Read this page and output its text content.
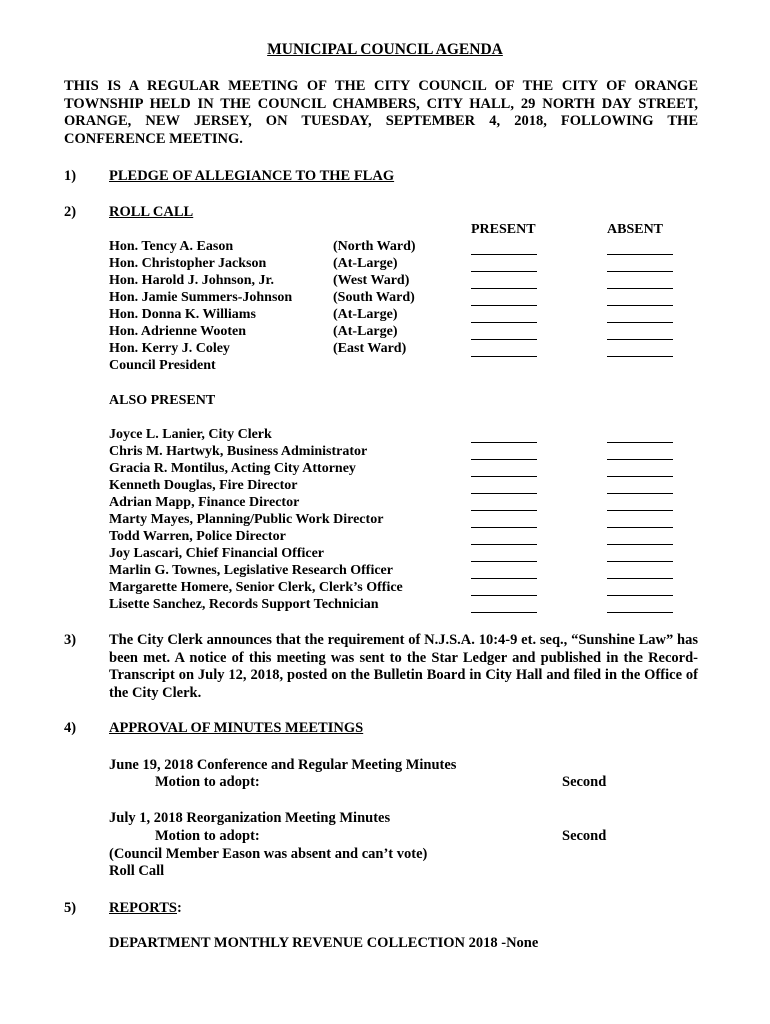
MUNICIPAL COUNCIL AGENDA
THIS IS A REGULAR MEETING OF THE CITY COUNCIL OF THE CITY OF ORANGE TOWNSHIP HELD IN THE COUNCIL CHAMBERS, CITY HALL, 29 NORTH DAY STREET, ORANGE, NEW JERSEY, ON TUESDAY, SEPTEMBER 4, 2018, FOLLOWING THE CONFERENCE MEETING.
1) PLEDGE OF ALLEGIANCE TO THE FLAG
2) ROLL CALL
PRESENT	ABSENT
Hon. Tency A. Eason	(North Ward)
Hon. Christopher Jackson	(At-Large)
Hon. Harold J. Johnson, Jr.	(West Ward)
Hon. Jamie Summers-Johnson	(South Ward)
Hon. Donna K. Williams	(At-Large)
Hon. Adrienne Wooten	(At-Large)
Hon. Kerry J. Coley	(East Ward)
Council President
ALSO PRESENT
Joyce L. Lanier, City Clerk
Chris M. Hartwyk, Business Administrator
Gracia R. Montilus, Acting City Attorney
Kenneth Douglas, Fire Director
Adrian Mapp, Finance Director
Marty Mayes, Planning/Public Work Director
Todd Warren, Police Director
Joy Lascari, Chief Financial Officer
Marlin G. Townes, Legislative Research Officer
Margarette Homere, Senior Clerk, Clerk’s Office
Lisette Sanchez, Records Support Technician
3) The City Clerk announces that the requirement of N.J.S.A. 10:4-9 et. seq., “Sunshine Law” has been met. A notice of this meeting was sent to the Star Ledger and published in the Record-Transcript on July 12, 2018, posted on the Bulletin Board in City Hall and filed in the Office of the City Clerk.
4) APPROVAL OF MINUTES MEETINGS
June 19, 2018 Conference and Regular Meeting Minutes
Motion to adopt:	Second
July 1, 2018 Reorganization Meeting Minutes
Motion to adopt:	Second
(Council Member Eason was absent and can’t vote)
Roll Call
5) REPORTS:
DEPARTMENT MONTHLY REVENUE COLLECTION 2018 -None
